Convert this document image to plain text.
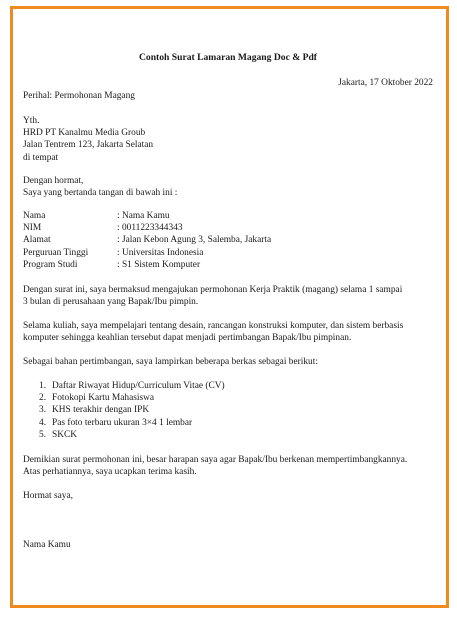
Contoh Surat Lamaran Magang Doc & Pdf
Jakarta, 17 Oktober 2022
Perihal: Permohonan Magang
Yth.
HRD PT Kanalmu Media Groub
Jalan Tentrem 123, Jakarta Selatan
di tempat
Dengan hormat,
Saya yang bertanda tangan di bawah ini :
Nama	: Nama Kamu
NIM	: 0011223344343
Alamat	: Jalan Kebon Agung 3, Salemba, Jakarta
Perguruan Tinggi	: Universitas Indonesia
Program Studi	: S1 Sistem Komputer
Dengan surat ini, saya bermaksud mengajukan permohonan Kerja Praktik (magang) selama 1 sampai
3 bulan di perusahaan yang Bapak/Ibu pimpin.
Selama kuliah, saya mempelajari tentang desain, rancangan konstruksi komputer, dan sistem berbasis
komputer sehingga keahlian tersebut dapat menjadi pertimbangan Bapak/Ibu pimpinan.
Sebagai bahan pertimbangan, saya lampirkan beberapa berkas sebagai berikut:
1. Daftar Riwayat Hidup/Curriculum Vitae (CV)
2. Fotokopi Kartu Mahasiswa
3. KHS terakhir dengan IPK
4. Pas foto terbaru ukuran 3×4 1 lembar
5. SKCK
Demikian surat permohonan ini, besar harapan saya agar Bapak/Ibu berkenan mempertimbangkannya.
Atas perhatiannya, saya ucapkan terima kasih.
Hormat saya,
Nama Kamu
